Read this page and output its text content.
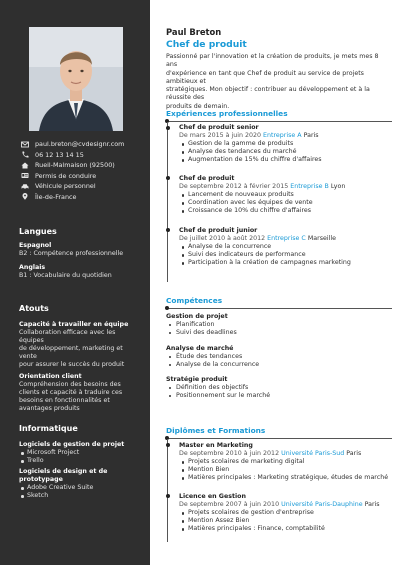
paul.breton@cvdesignr.com
06 12 13 14 15
Rueil-Malmaison (92500)
Permis de conduire
Véhicule personnel
Île-de-France
Langues
Espagnol
B2 : Compétence professionnelle
Anglais
B1 : Vocabulaire du quotidien
Atouts
Capacité à travailler en équipe
Collaboration efficace avec les équipes
de développement, marketing et vente
pour assurer le succès du produit
Orientation client
Compréhension des besoins des
clients et capacité à traduire ces
besoins en fonctionnalités et
avantages produits
Informatique
Logiciels de gestion de projet
Microsoft Project
Trello
Logiciels de design et de
prototypage
Adobe Creative Suite
Sketch
Paul Breton
Chef de produit
Passionné par l'innovation et la création de produits, je mets mes 8 ans
d'expérience en tant que Chef de produit au service de projets ambitieux et
stratégiques. Mon objectif : contribuer au développement et à la réussite des
produits de demain.
Expériences professionnelles
Chef de produit senior
De mars 2015 à juin 2020 Entreprise A Paris
Gestion de la gamme de produits
Analyse des tendances du marché
Augmentation de 15% du chiffre d'affaires
Chef de produit
De septembre 2012 à février 2015 Entreprise B Lyon
Lancement de nouveaux produits
Coordination avec les équipes de vente
Croissance de 10% du chiffre d'affaires
Chef de produit junior
De juillet 2010 à août 2012 Entreprise C Marseille
Analyse de la concurrence
Suivi des indicateurs de performance
Participation à la création de campagnes marketing
Compétences
Gestion de projet
Planification
Suivi des deadlines
Analyse de marché
Étude des tendances
Analyse de la concurrence
Stratégie produit
Définition des objectifs
Positionnement sur le marché
Diplômes et Formations
Master en Marketing
De septembre 2010 à juin 2012 Université Paris-Sud Paris
Projets scolaires de marketing digital
Mention Bien
Matières principales : Marketing stratégique, études de marché
Licence en Gestion
De septembre 2007 à juin 2010 Université Paris-Dauphine Paris
Projets scolaires de gestion d'entreprise
Mention Assez Bien
Matières principales : Finance, comptabilité
